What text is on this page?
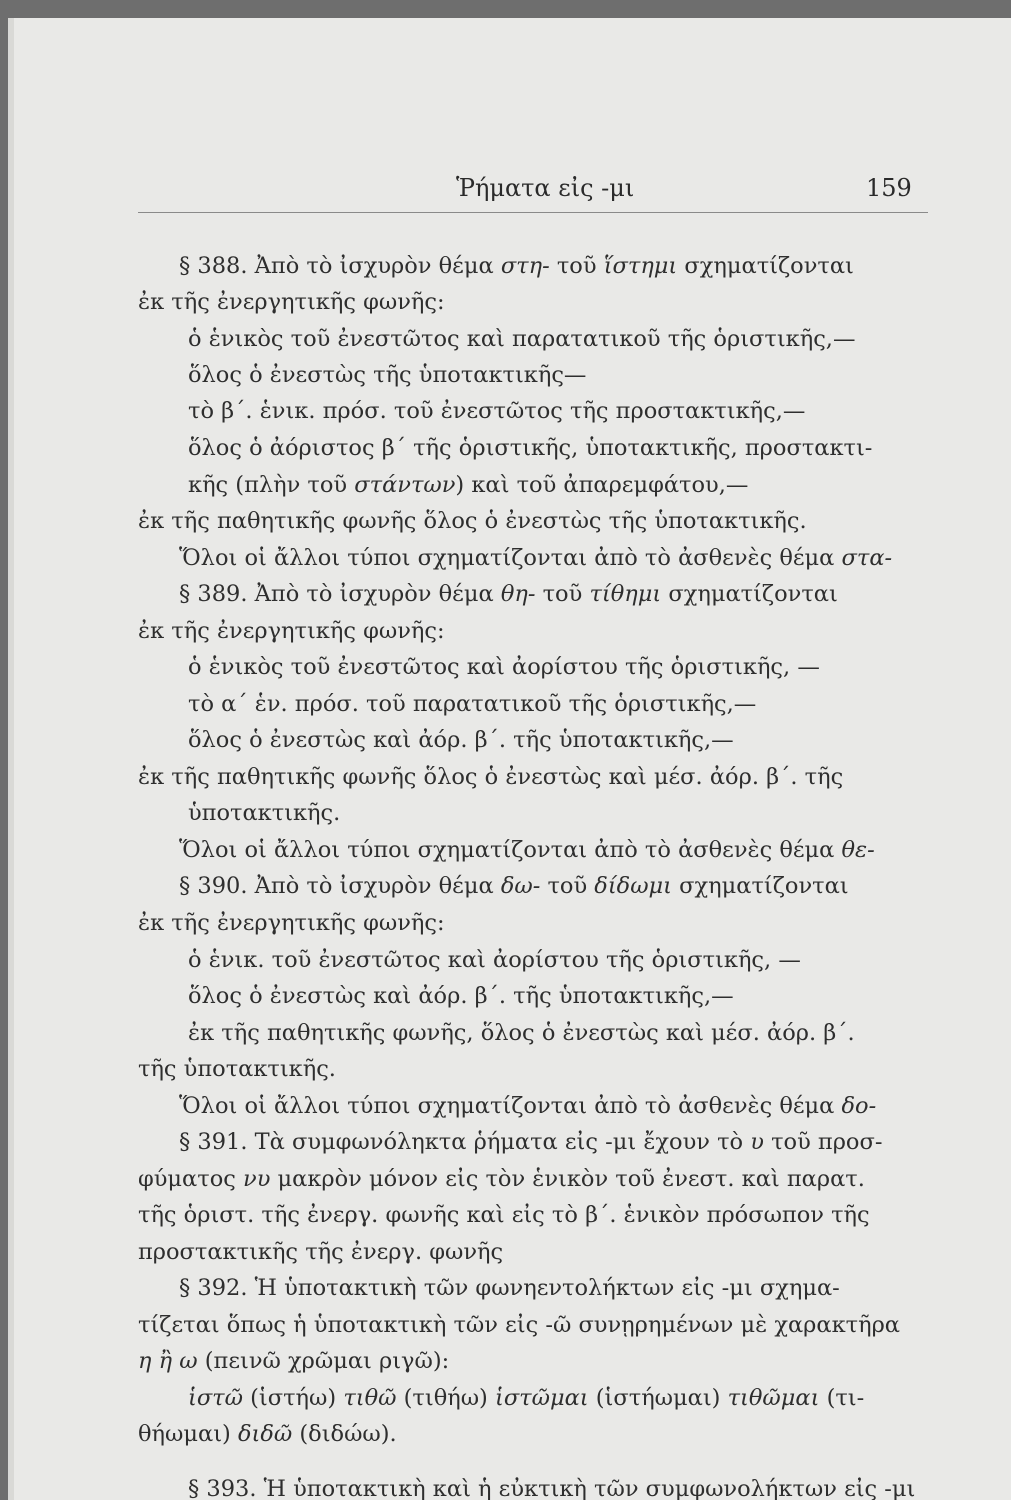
Ῥήματα εἰς -μι	159
§ 388. Ἀπὸ τὸ ἰσχυρὸν θέμα στη- τοῦ ἵστημι σχηματίζονται
ἐκ τῆς ἐνεργητικῆς φωνῆς:
ὁ ἑνικὸς τοῦ ἐνεστῶτος καὶ παρατατικοῦ τῆς ὁριστικῆς,—
ὅλος ὁ ἐνεστὼς τῆς ὑποτακτικῆς—
τὸ β΄. ἑνικ. πρόσ. τοῦ ἐνεστῶτος τῆς προστακτικῆς,—
ὅλος ὁ ἀόριστος β΄ τῆς ὁριστικῆς, ὑποτακτικῆς, προστακτι-
κῆς (πλὴν τοῦ στάντων) καὶ τοῦ ἀπαρεμφάτου,—
ἐκ τῆς παθητικῆς φωνῆς ὅλος ὁ ἐνεστὼς τῆς ὑποτακτικῆς.
Ὅλοι οἱ ἄλλοι τύποι σχηματίζονται ἀπὸ τὸ ἀσθενὲς θέμα στα-
§ 389. Ἀπὸ τὸ ἰσχυρὸν θέμα θη- τοῦ τίθημι σχηματίζονται
ἐκ τῆς ἐνεργητικῆς φωνῆς:
ὁ ἑνικὸς τοῦ ἐνεστῶτος καὶ ἀορίστου τῆς ὁριστικῆς, —
τὸ α΄ ἑν. πρόσ. τοῦ παρατατικοῦ τῆς ὁριστικῆς,—
ὅλος ὁ ἐνεστὼς καὶ ἀόρ. β΄. τῆς ὑποτακτικῆς,—
ἐκ τῆς παθητικῆς φωνῆς ὅλος ὁ ἐνεστὼς καὶ μέσ. ἀόρ. β΄. τῆς
ὑποτακτικῆς.
Ὅλοι οἱ ἄλλοι τύποι σχηματίζονται ἀπὸ τὸ ἀσθενὲς θέμα θε-
§ 390. Ἀπὸ τὸ ἰσχυρὸν θέμα δω- τοῦ δίδωμι σχηματίζονται
ἐκ τῆς ἐνεργητικῆς φωνῆς:
ὁ ἑνικ. τοῦ ἐνεστῶτος καὶ ἀορίστου τῆς ὁριστικῆς, —
ὅλος ὁ ἐνεστὼς καὶ ἀόρ. β΄. τῆς ὑποτακτικῆς,—
ἐκ τῆς παθητικῆς φωνῆς, ὅλος ὁ ἐνεστὼς καὶ μέσ. ἀόρ. β΄.
τῆς ὑποτακτικῆς.
Ὅλοι οἱ ἄλλοι τύποι σχηματίζονται ἀπὸ τὸ ἀσθενὲς θέμα δο-
§ 391. Τὰ συμφωνόληκτα ῥήματα εἰς -μι ἔχουν τὸ υ τοῦ προσ-
φύματος νυ μακρὸν μόνον εἰς τὸν ἑνικὸν τοῦ ἐνεστ. καὶ παρατ.
τῆς ὁριστ. τῆς ἐνεργ. φωνῆς καὶ εἰς τὸ β΄. ἑνικὸν πρόσωπον τῆς
προστακτικῆς τῆς ἐνεργ. φωνῆς
§ 392. Ἡ ὑποτακτικὴ τῶν φωνηεντολήκτων εἰς -μι σχημα-
τίζεται ὅπως ἡ ὑποτακτικὴ τῶν εἰς -ῶ συνῃρημένων μὲ χαρακτῆρα
η ἢ ω (πεινῶ χρῶμαι ριγῶ):
ἱστῶ (ἱστήω) τιθῶ (τιθήω) ἱστῶμαι (ἱστήωμαι) τιθῶμαι (τι-
θήωμαι) διδῶ (διδώω).
§ 393. Ἡ ὑποτακτικὴ καὶ ἡ εὐκτικὴ τῶν συμφωνολήκτων εἰς -μι
